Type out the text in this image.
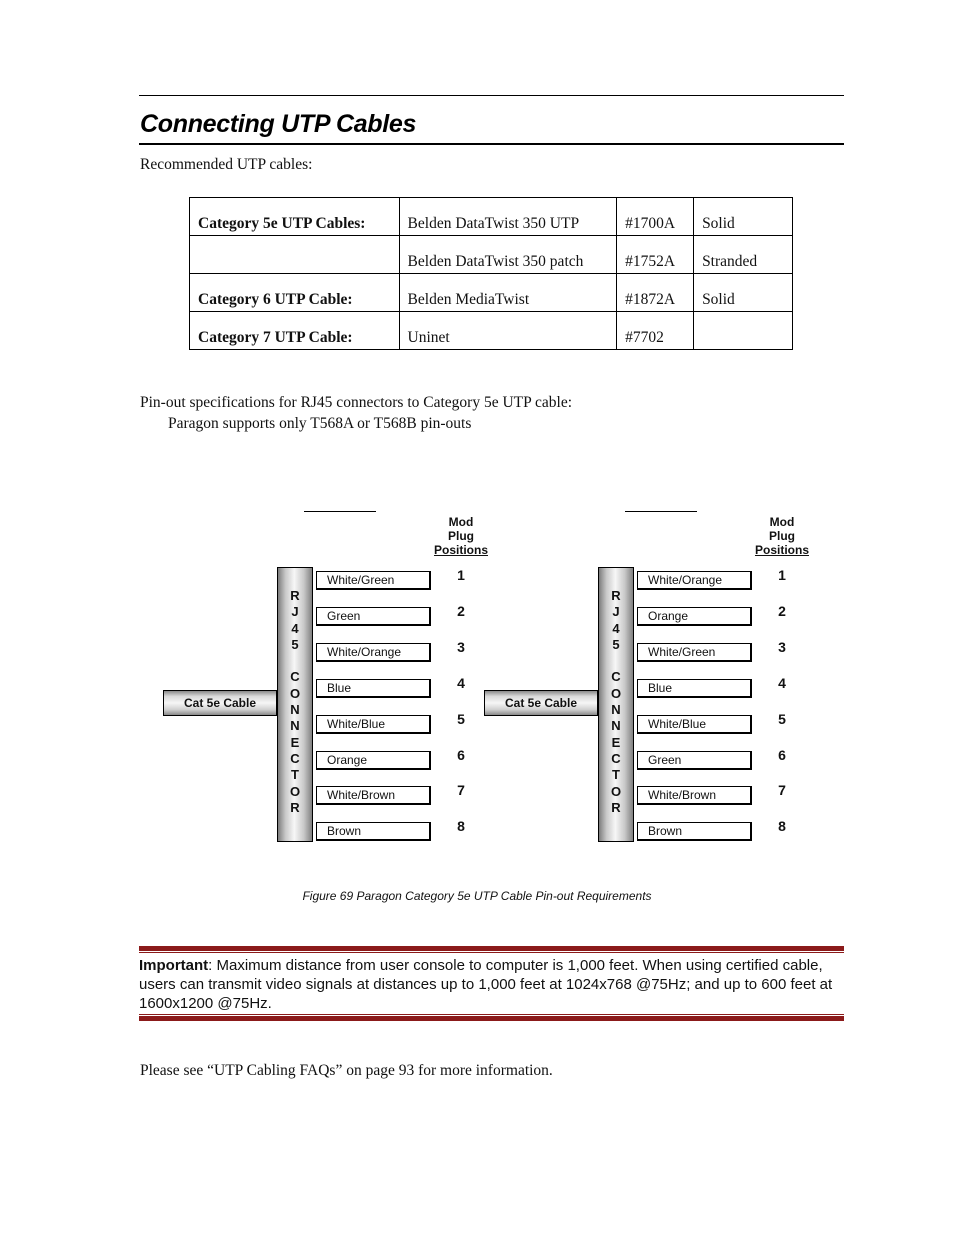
Connecting UTP Cables
Recommended UTP cables:
Category 5e UTP Cables:	Belden DataTwist 350 UTP	#1700A	Solid
	Belden DataTwist 350 patch	#1752A	Stranded
Category 6 UTP Cable:	Belden MediaTwist	#1872A	Solid
Category 7 UTP Cable:	Uninet	#7702	
Pin-out specifications for RJ45 connectors to Category 5e UTP cable:
Paragon supports only T568A or T568B pin-outs
Mod
Plug
Positions
Cat 5e Cable
R
J
4
5
C
O
N
N
E
C
T
O
R
White/Green	1
Green	2
White/Orange	3
Blue	4
White/Blue	5
Orange	6
White/Brown	7
Brown	8
Mod
Plug
Positions
Cat 5e Cable
R
J
4
5
C
O
N
N
E
C
T
O
R
White/Orange	1
Orange	2
White/Green	3
Blue	4
White/Blue	5
Green	6
White/Brown	7
Brown	8
Figure 69 Paragon Category 5e UTP Cable Pin-out Requirements
Important: Maximum distance from user console to computer is 1,000 feet. When using certified cable, users can transmit video signals at distances up to 1,000 feet at 1024x768 @75Hz; and up to 600 feet at 1600x1200 @75Hz.
Please see “UTP Cabling FAQs” on page 93 for more information.
